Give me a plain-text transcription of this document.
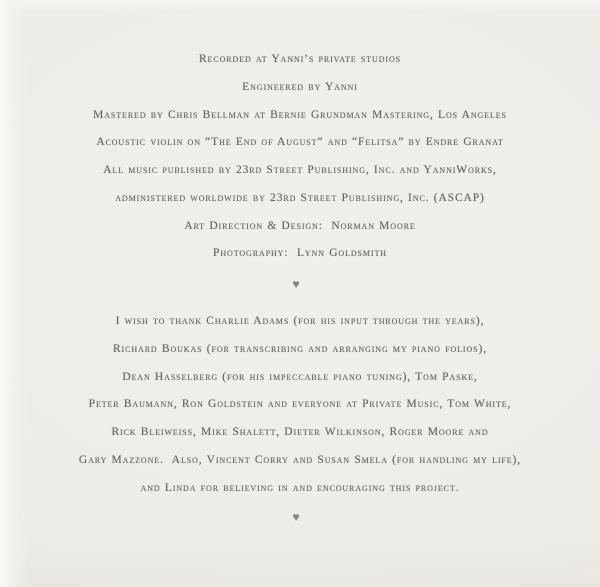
Recorded at Yanni’s private studios
Engineered by Yanni
Mastered by Chris Bellman at Bernie Grundman Mastering, Los Angeles
Acoustic violin on “The End of August” and “Felitsa” by Endre Granat
All music published by 23rd Street Publishing, Inc. and YanniWorks,
administered worldwide by 23rd Street Publishing, Inc. (ASCAP)
Art Direction & Design:  Norman Moore
Photography:  Lynn Goldsmith
♥
I wish to thank Charlie Adams (for his input through the years),
Richard Boukas (for transcribing and arranging my piano folios),
Dean Hasselberg (for his impeccable piano tuning), Tom Paske,
Peter Baumann, Ron Goldstein and everyone at Private Music, Tom White,
Rick Bleiweiss, Mike Shalett, Dieter Wilkinson, Roger Moore and
Gary Mazzone.  Also, Vincent Corry and Susan Smela (for handling my life),
and Linda for believing in and encouraging this project.
♥
